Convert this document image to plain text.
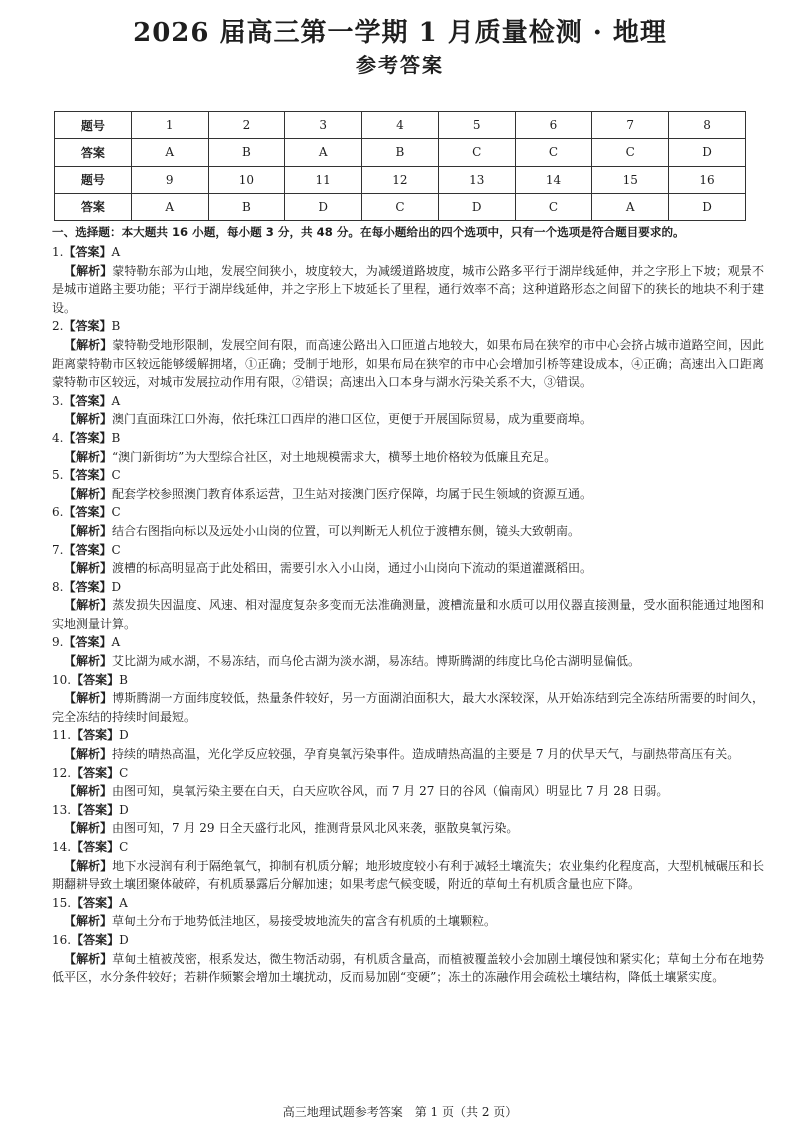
2026 届高三第一学期 1 月质量检测 · 地理
参考答案
题号	1	2	3	4	5	6	7	8
答案	A	B	A	B	C	C	C	D
题号	9	10	11	12	13	14	15	16
答案	A	B	D	C	D	C	A	D
一、选择题：本大题共 16 小题，每小题 3 分，共 48 分。在每小题给出的四个选项中，只有一个选项是符合题目要求的。
1.【答案】A
【解析】蒙特勒东部为山地，发展空间狭小，坡度较大，为减缓道路坡度，城市公路多平行于湖岸线延伸，并之字形上下坡；观景不是城市道路主要功能；平行于湖岸线延伸，并之字形上下坡延长了里程，通行效率不高；这种道路形态之间留下的狭长的地块不利于建设。
2.【答案】B
【解析】蒙特勒受地形限制，发展空间有限，而高速公路出入口匝道占地较大，如果布局在狭窄的市中心会挤占城市道路空间，因此距离蒙特勒市区较远能够缓解拥堵，①正确；受制于地形，如果布局在狭窄的市中心会增加引桥等建设成本，④正确；高速出入口距离蒙特勒市区较远，对城市发展拉动作用有限，②错误；高速出入口本身与湖水污染关系不大，③错误。
3.【答案】A
【解析】澳门直面珠江口外海，依托珠江口西岸的港口区位，更便于开展国际贸易，成为重要商埠。
4.【答案】B
【解析】“澳门新街坊”为大型综合社区，对土地规模需求大，横琴土地价格较为低廉且充足。
5.【答案】C
【解析】配套学校参照澳门教育体系运营，卫生站对接澳门医疗保障，均属于民生领域的资源互通。
6.【答案】C
【解析】结合右图指向标以及远处小山岗的位置，可以判断无人机位于渡槽东侧，镜头大致朝南。
7.【答案】C
【解析】渡槽的标高明显高于此处稻田，需要引水入小山岗，通过小山岗向下流动的渠道灌溉稻田。
8.【答案】D
【解析】蒸发损失因温度、风速、相对湿度复杂多变而无法准确测量，渡槽流量和水质可以用仪器直接测量，受水面积能通过地图和实地测量计算。
9.【答案】A
【解析】艾比湖为咸水湖，不易冻结，而乌伦古湖为淡水湖，易冻结。博斯腾湖的纬度比乌伦古湖明显偏低。
10.【答案】B
【解析】博斯腾湖一方面纬度较低，热量条件较好，另一方面湖泊面积大，最大水深较深，从开始冻结到完全冻结所需要的时间久，完全冻结的持续时间最短。
11.【答案】D
【解析】持续的晴热高温，光化学反应较强，孕育臭氧污染事件。造成晴热高温的主要是 7 月的伏旱天气，与副热带高压有关。
12.【答案】C
【解析】由图可知，臭氧污染主要在白天，白天应吹谷风，而 7 月 27 日的谷风（偏南风）明显比 7 月 28 日弱。
13.【答案】D
【解析】由图可知，7 月 29 日全天盛行北风，推测背景风北风来袭，驱散臭氧污染。
14.【答案】C
【解析】地下水浸润有利于隔绝氧气，抑制有机质分解；地形坡度较小有利于减轻土壤流失；农业集约化程度高，大型机械碾压和长期翻耕导致土壤团聚体破碎，有机质暴露后分解加速；如果考虑气候变暖，附近的草甸土有机质含量也应下降。
15.【答案】A
【解析】草甸土分布于地势低洼地区，易接受坡地流失的富含有机质的土壤颗粒。
16.【答案】D
【解析】草甸土植被茂密，根系发达，微生物活动弱，有机质含量高，而植被覆盖较小会加剧土壤侵蚀和紧实化；草甸土分布在地势低平区，水分条件较好；若耕作频繁会增加土壤扰动，反而易加剧“变硬”；冻土的冻融作用会疏松土壤结构，降低土壤紧实度。
高三地理试题参考答案　第 1 页（共 2 页）
